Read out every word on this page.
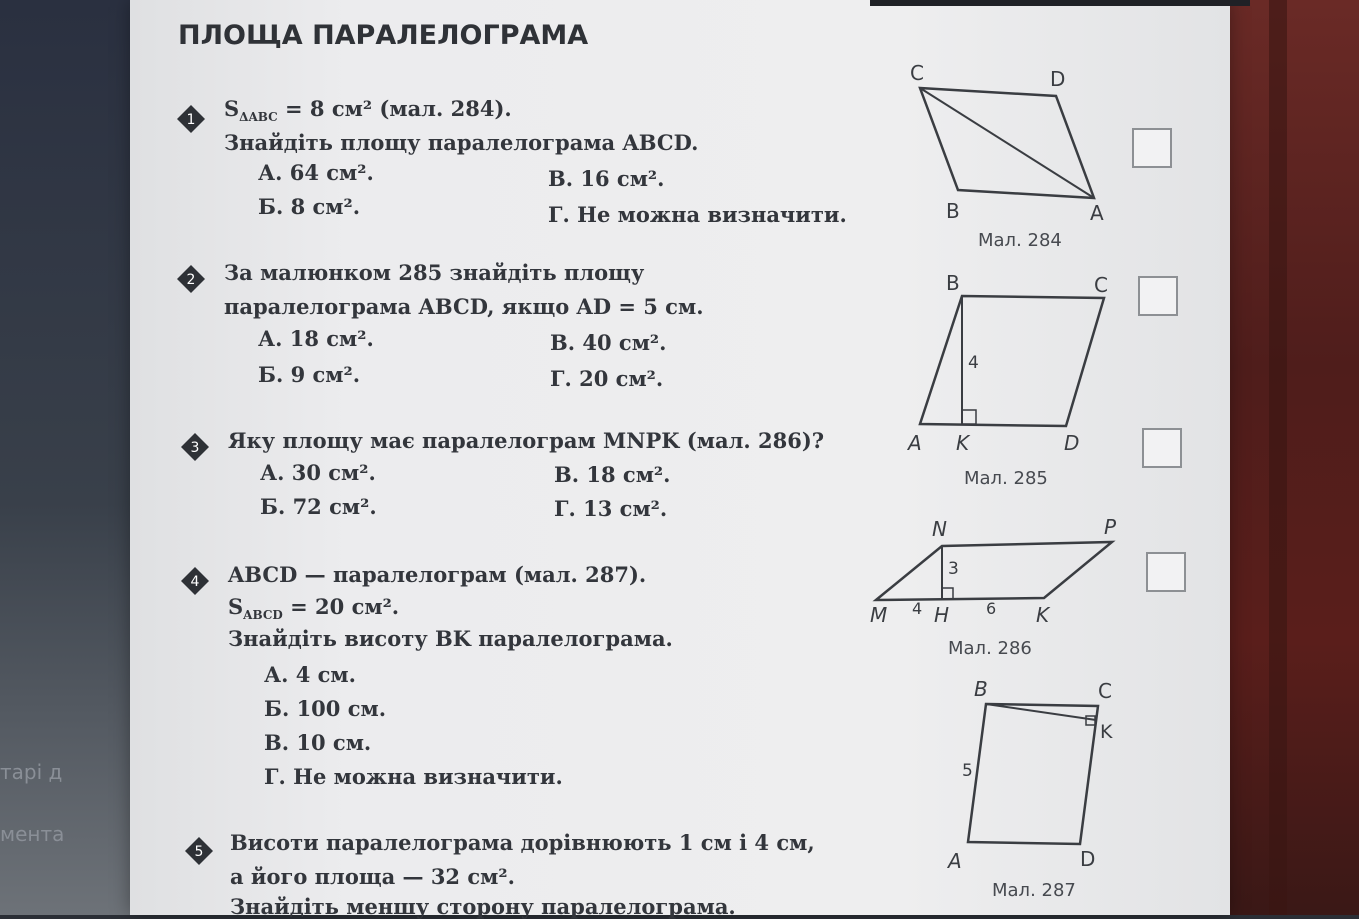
тарі д
мента
ПЛОЩА ПАРАЛЕЛОГРАМА
1 $S_{\Delta ABC} = 8$ см² (мал. 284).
Знайдіть площу паралелограма ABCD.
А. 64 см².
Б. 8 см².
В. 16 см².
Г. Не можна визначити.
2 За малюнком 285 знайдіть площу
паралелограма ABCD, якщо AD = 5 см.
А. 18 см².
Б. 9 см².
В. 40 см².
Г. 20 см².
3 Яку площу має паралелограм MNPK (мал. 286)?
А. 30 см².
Б. 72 см².
В. 18 см².
Г. 13 см².
4 ABCD — паралелограм (мал. 287).
$S_{ABCD} = 20$ см².
Знайдіть висоту BK паралелограма.
А. 4 см.
Б. 100 см.
В. 10 см.
Г. Не можна визначити.
5 Висоти паралелограма дорівнюють 1 см і 4 см,
а його площа — 32 см².
Знайдіть меншу сторону паралелограма.
C	D
B	A
Мал. 284
B	C
A K	D
4
Мал. 285
N	P
M H	K
3
4	6
Мал. 286
B	C
K
A	D
5
Мал. 287
